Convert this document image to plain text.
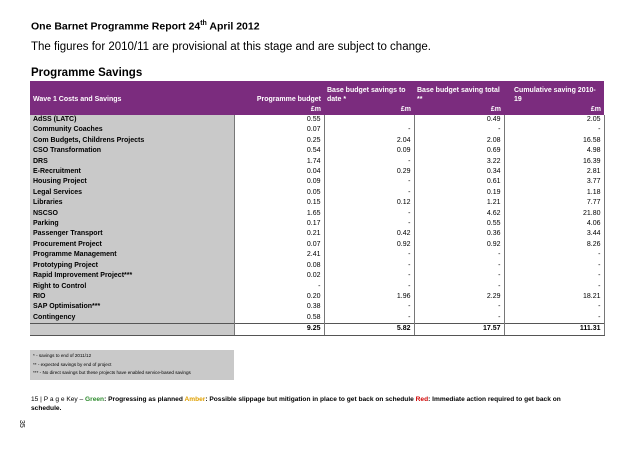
One Barnet Programme Report 24th April 2012
The figures for 2010/11 are provisional at this stage and are subject to change.
Programme Savings
Wave 1 Costs and Savings	Programme budget	Base budget savings to date *	Base budget saving total **	Cumulative saving 2010-19
	£m	£m	£m	£m
AdSS (LATC)	0.55		0.49	2.05
Community Coaches	0.07	-	-	-
Com Budgets, Childrens Projects	0.25	2.04	2.08	16.58
CSO Transformation	0.54	0.09	0.69	4.98
DRS	1.74	-	3.22	16.39
E-Recruitment	0.04	0.29	0.34	2.81
Housing Project	0.09	-	0.61	3.77
Legal Services	0.05	-	0.19	1.18
Libraries	0.15	0.12	1.21	7.77
NSCSO	1.65	-	4.62	21.80
Parking	0.17	-	0.55	4.06
Passenger Transport	0.21	0.42	0.36	3.44
Procurement Project	0.07	0.92	0.92	8.26
Programme Management	2.41	-	-	-
Prototyping Project	0.08	-	-	-
Rapid Improvement Project***	0.02	-	-	-
Right to Control	-	-	-	-
RIO	0.20	1.96	2.29	18.21
SAP Optimisation***	0.38	-	-	-
Contingency	0.58	-	-	-
	9.25	5.82	17.57	111.31
* - savings to end of 2011/12
** - expected savings by end of project
*** - No direct savings but these projects have enabled service-based savings
15 | P a g e Key – Green: Progressing as planned Amber: Possible slippage but mitigation in place to get back on schedule Red: Immediate action required to get back on schedule.
35
